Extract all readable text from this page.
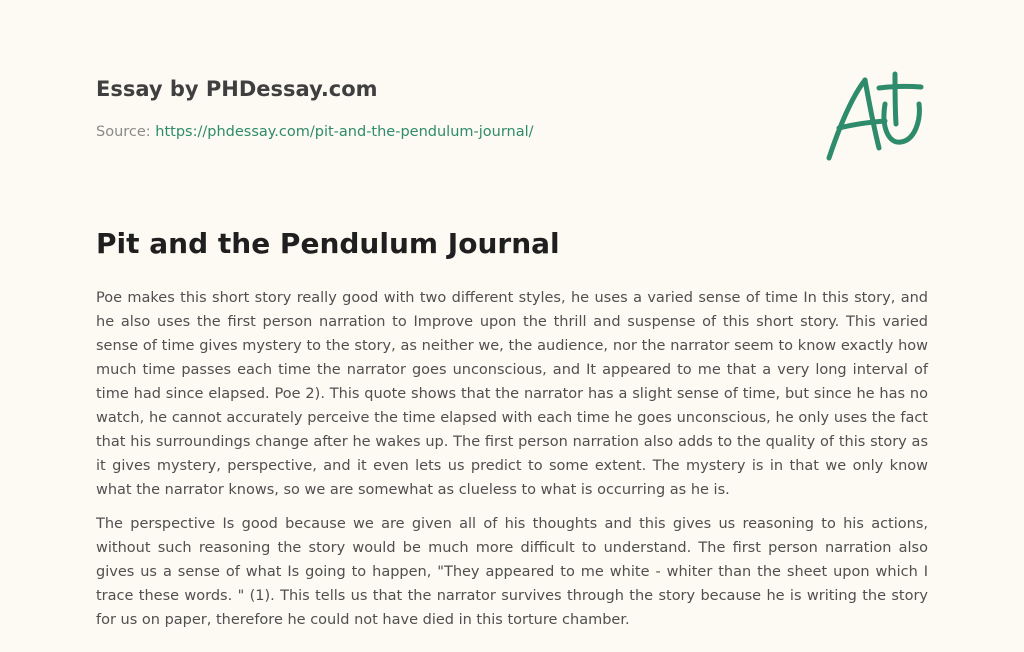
Essay by PHDessay.com
Source: https://phdessay.com/pit-and-the-pendulum-journal/
Pit and the Pendulum Journal

Poe makes this short story really good with two different styles, he uses a varied sense of time In this story, and he also uses the first person narration to Improve upon the thrill and suspense of this short story. This varied sense of time gives mystery to the story, as neither we, the audience, nor the narrator seem to know exactly how much time passes each time the narrator goes unconscious, and It appeared to me that a very long interval of time had since elapsed. Poe 2). This quote shows that the narrator has a slight sense of time, but since he has no watch, he cannot accurately perceive the time elapsed with each time he goes unconscious, he only uses the fact that his surroundings change after he wakes up. The first person narration also adds to the quality of this story as it gives mystery, perspective, and it even lets us predict to some extent. The mystery is in that we only know what the narrator knows, so we are somewhat as clueless to what is occurring as he is.

The perspective Is good because we are given all of his thoughts and this gives us reasoning to his actions, without such reasoning the story would be much more difficult to understand. The first person narration also gives us a sense of what Is going to happen, "They appeared to me white - whiter than the sheet upon which I trace these words. " (1). This tells us that the narrator survives through the story because he is writing the story for us on paper, therefore he could not have died in this torture chamber.
